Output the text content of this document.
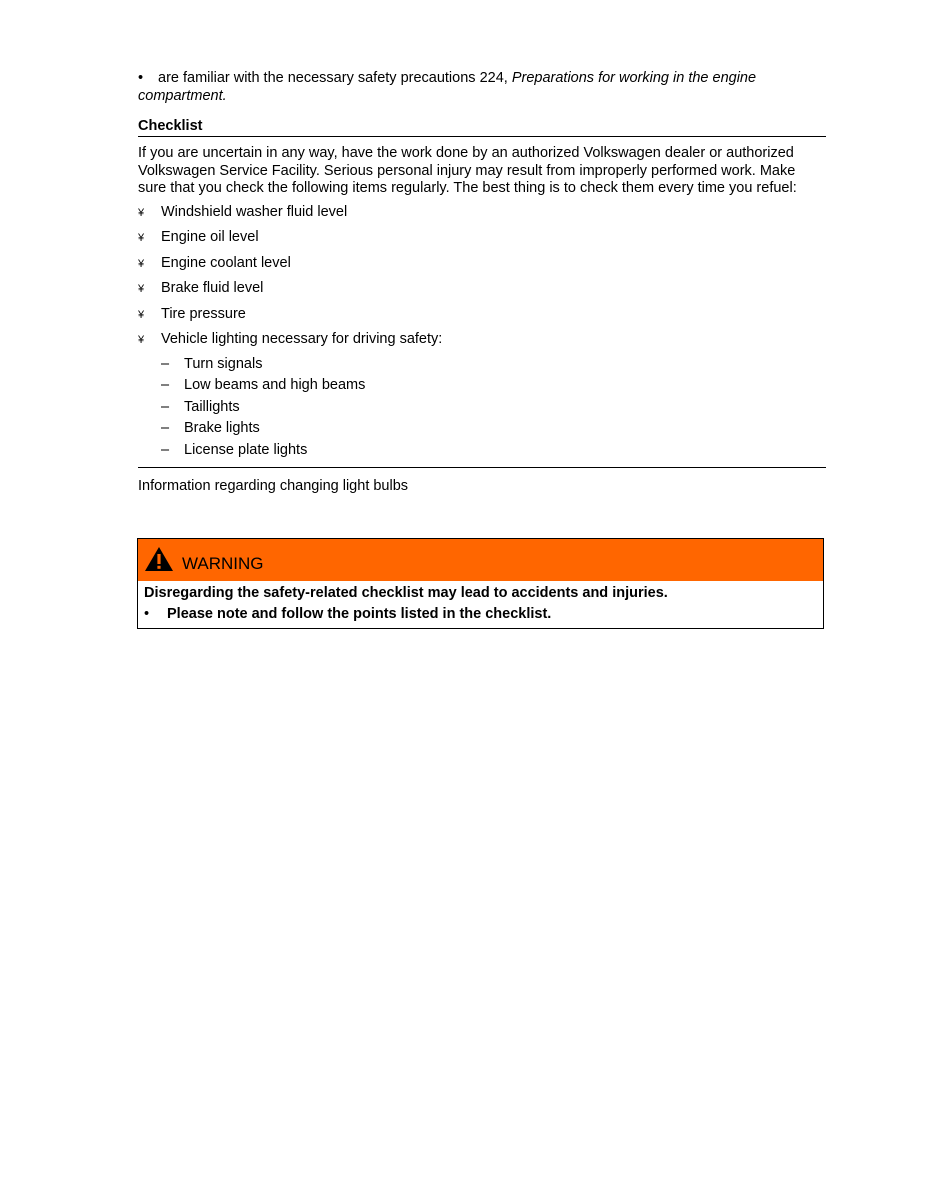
• are familiar with the necessary safety precautions 224, Preparations for working in the engine
compartment.

Checklist
If you are uncertain in any way, have the work done by an authorized Volkswagen dealer or authorized Volkswagen Service Facility. Serious personal injury may result from improperly performed work. Make sure that you check the following items regularly. The best thing is to check them every time you refuel:
¥ Windshield washer fluid level
¥ Engine oil level
¥ Engine coolant level
¥ Brake fluid level
¥ Tire pressure
¥ Vehicle lighting necessary for driving safety:
– Turn signals
– Low beams and high beams
– Taillights
– Brake lights
– License plate lights
Information regarding changing light bulbs
WARNING
Disregarding the safety-related checklist may lead to accidents and injuries.
• Please note and follow the points listed in the checklist.
